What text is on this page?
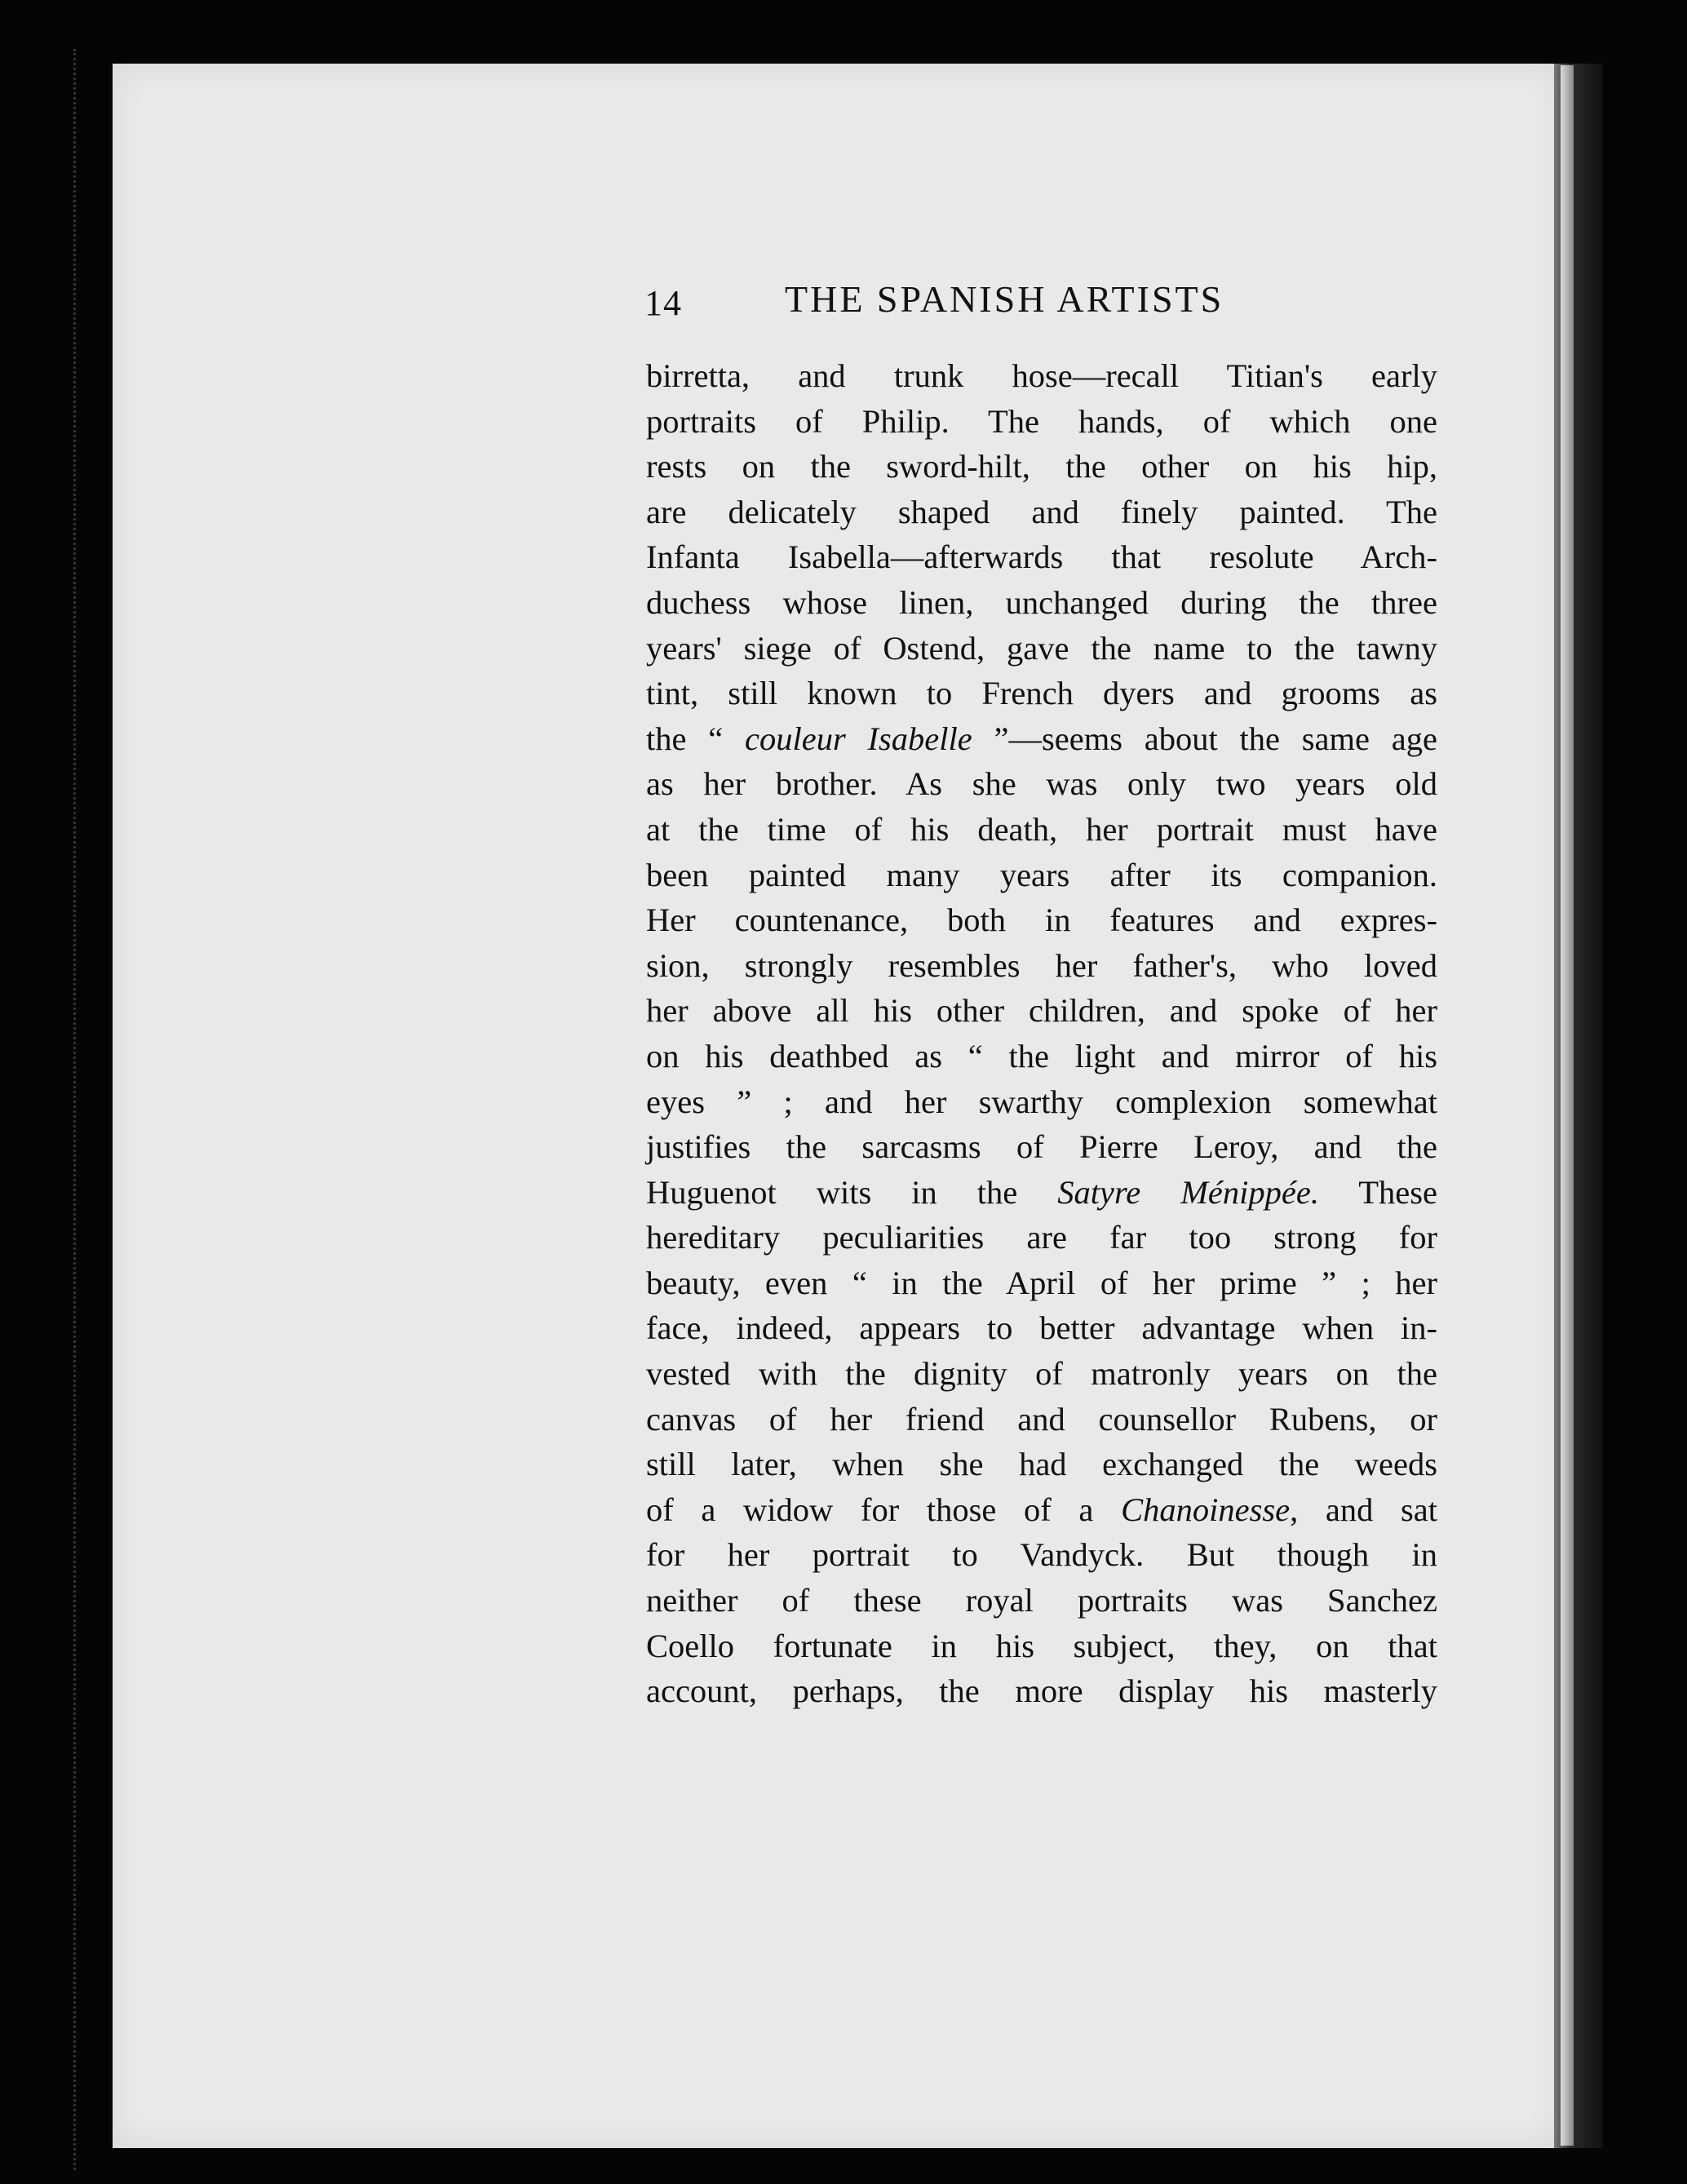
14	THE SPANISH ARTISTS
birretta, and trunk hose—recall Titian's early
portraits of Philip. The hands, of which one
rests on the sword-hilt, the other on his hip,
are delicately shaped and finely painted. The
Infanta Isabella—afterwards that resolute Arch-
duchess whose linen, unchanged during the three
years' siege of Ostend, gave the name to the tawny
tint, still known to French dyers and grooms as
the “ couleur Isabelle ”—seems about the same age
as her brother. As she was only two years old
at the time of his death, her portrait must have
been painted many years after its companion.
Her countenance, both in features and expres-
sion, strongly resembles her father's, who loved
her above all his other children, and spoke of her
on his deathbed as “ the light and mirror of his
eyes ” ; and her swarthy complexion somewhat
justifies the sarcasms of Pierre Leroy, and the
Huguenot wits in the Satyre Ménippée. These
hereditary peculiarities are far too strong for
beauty, even “ in the April of her prime ” ; her
face, indeed, appears to better advantage when in-
vested with the dignity of matronly years on the
canvas of her friend and counsellor Rubens, or
still later, when she had exchanged the weeds
of a widow for those of a Chanoinesse, and sat
for her portrait to Vandyck. But though in
neither of these royal portraits was Sanchez
Coello fortunate in his subject, they, on that
account, perhaps, the more display his masterly
